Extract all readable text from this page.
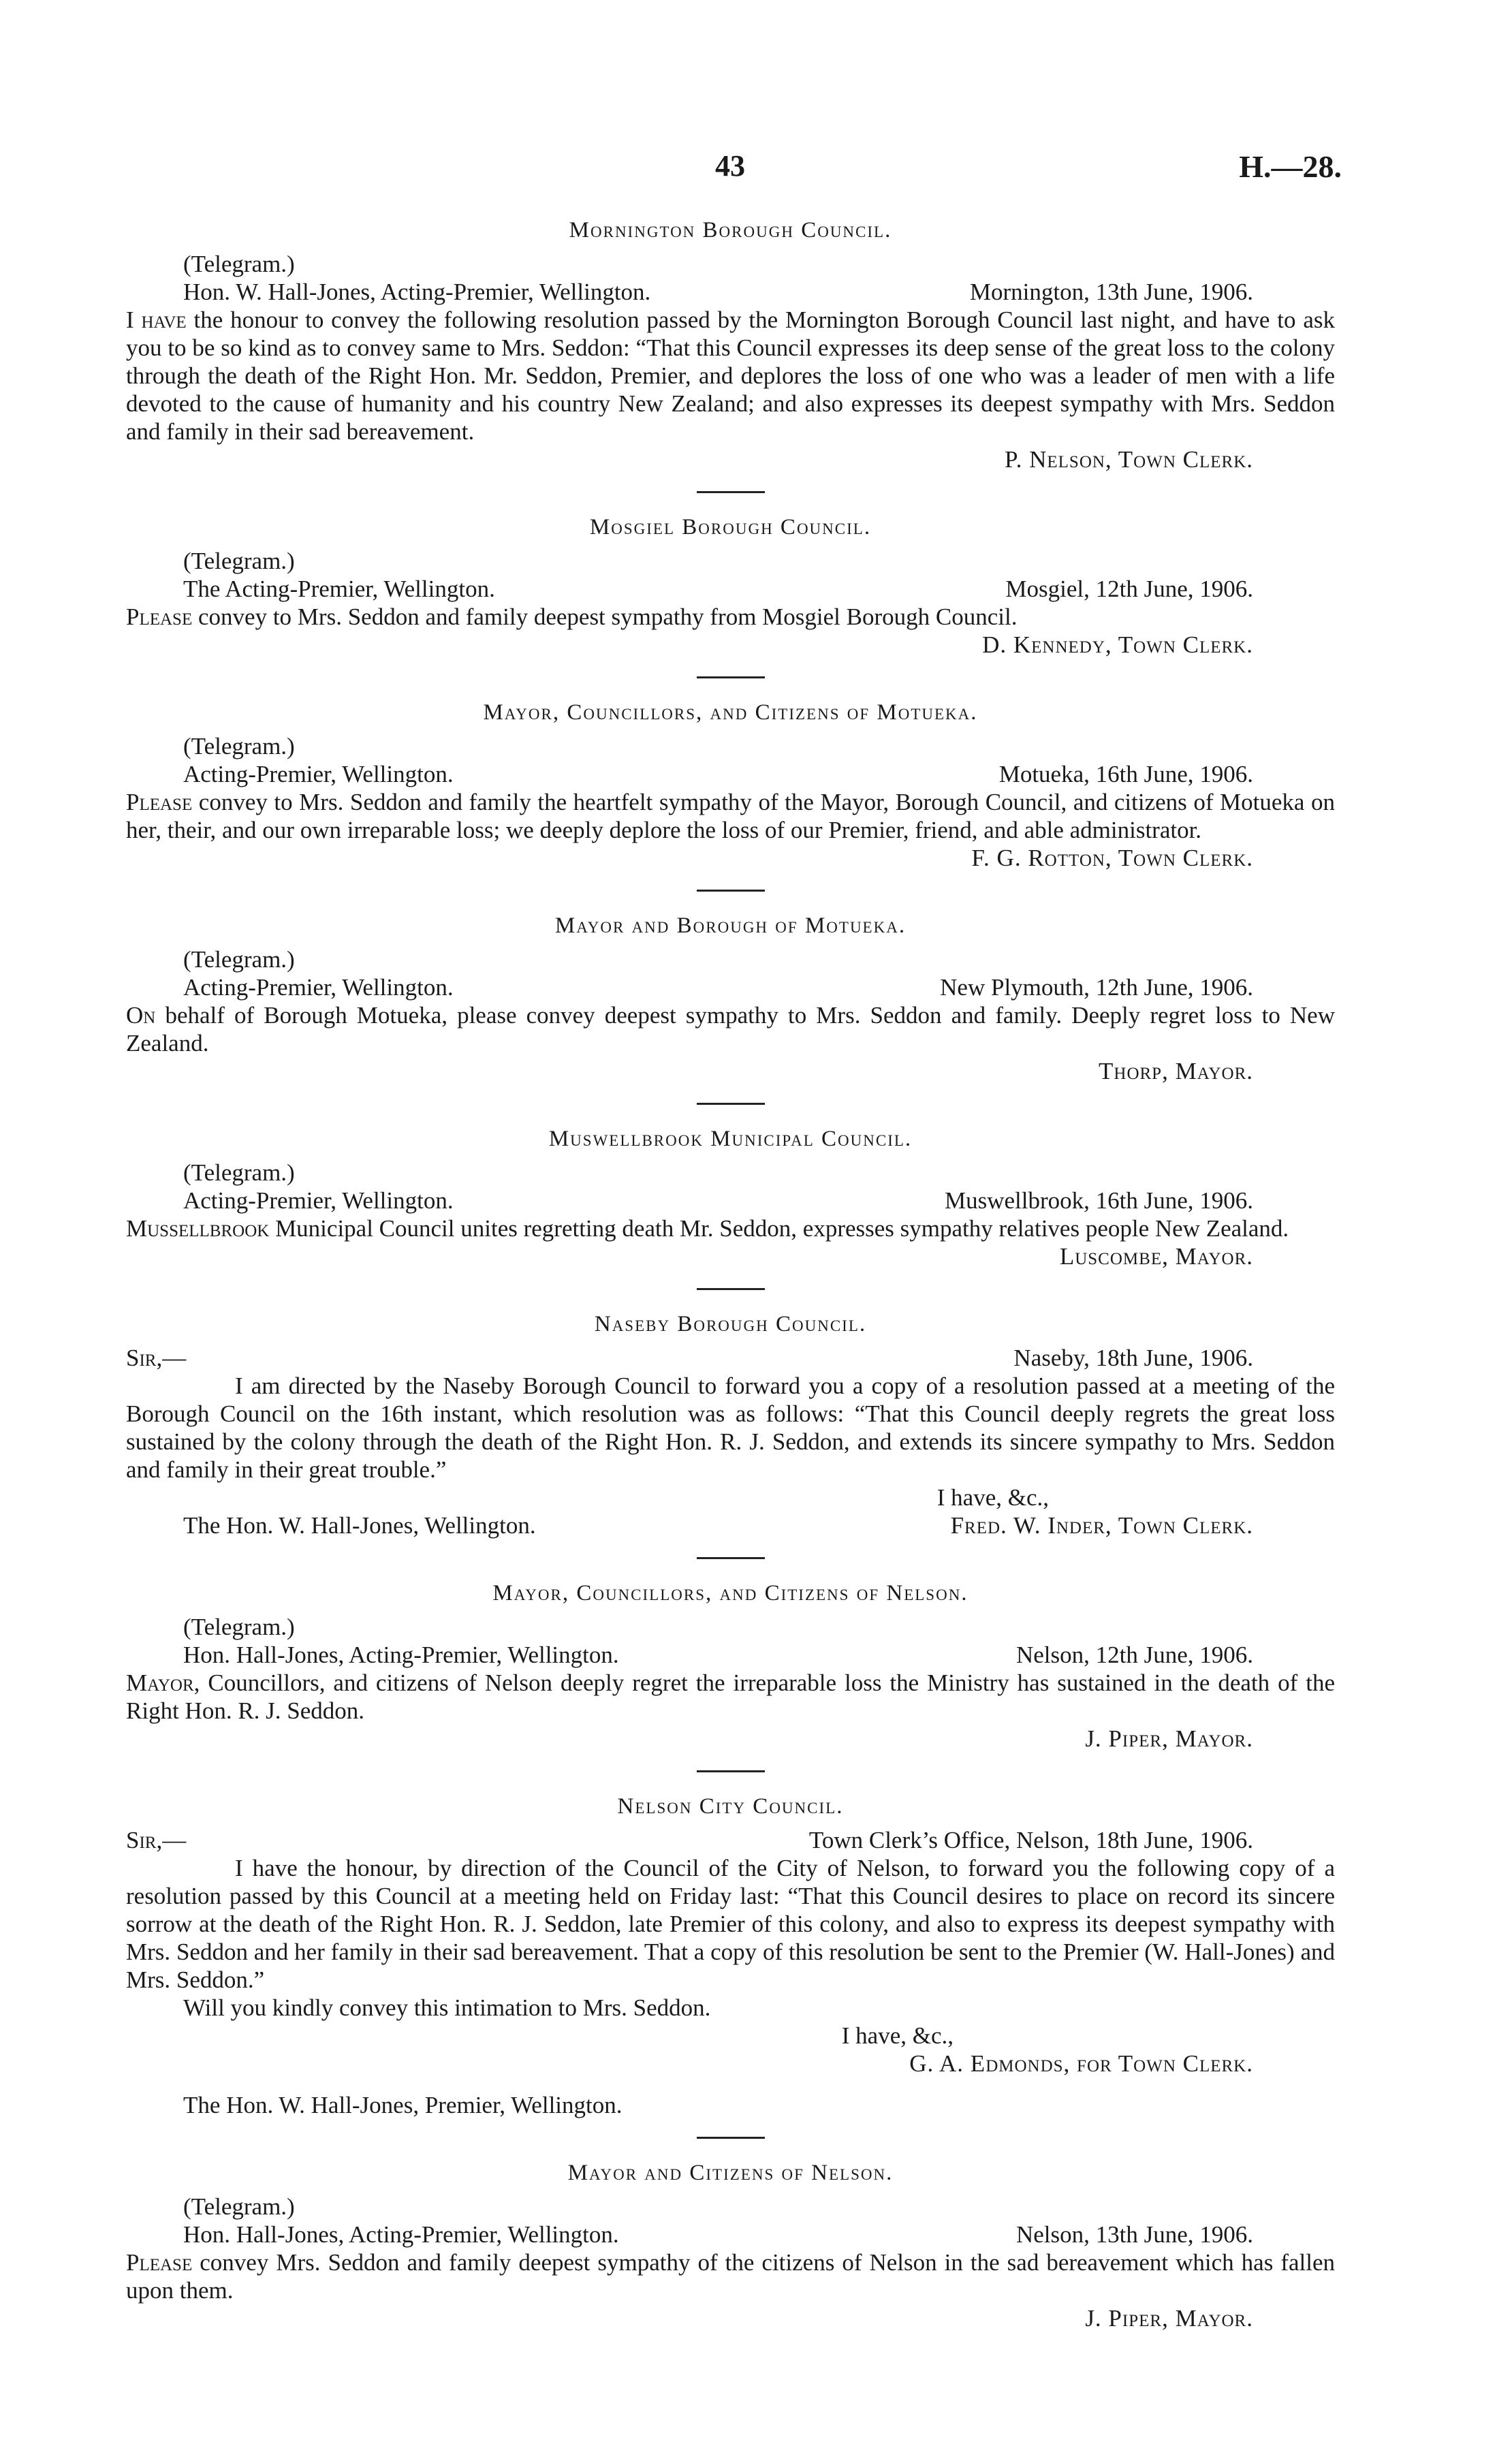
43	H.—28.
Mornington Borough Council.
(Telegram.)
Hon. W. Hall-Jones, Acting-Premier, Wellington.	Mornington, 13th June, 1906.
I have the honour to convey the following resolution passed by the Mornington Borough Council last night, and have to ask you to be so kind as to convey same to Mrs. Seddon: “That this Council expresses its deep sense of the great loss to the colony through the death of the Right Hon. Mr. Seddon, Premier, and deplores the loss of one who was a leader of men with a life devoted to the cause of humanity and his country New Zealand; and also expresses its deepest sympathy with Mrs. Seddon and family in their sad bereavement.
P. Nelson, Town Clerk.
Mosgiel Borough Council.
(Telegram.)
The Acting-Premier, Wellington.	Mosgiel, 12th June, 1906.
Please convey to Mrs. Seddon and family deepest sympathy from Mosgiel Borough Council.
D. Kennedy, Town Clerk.
Mayor, Councillors, and Citizens of Motueka.
(Telegram.)
Acting-Premier, Wellington.	Motueka, 16th June, 1906.
Please convey to Mrs. Seddon and family the heartfelt sympathy of the Mayor, Borough Council, and citizens of Motueka on her, their, and our own irreparable loss; we deeply deplore the loss of our Premier, friend, and able administrator.
F. G. Rotton, Town Clerk.
Mayor and Borough of Motueka.
(Telegram.)
Acting-Premier, Wellington.	New Plymouth, 12th June, 1906.
On behalf of Borough Motueka, please convey deepest sympathy to Mrs. Seddon and family. Deeply regret loss to New Zealand.
Thorp, Mayor.
Muswellbrook Municipal Council.
(Telegram.)
Acting-Premier, Wellington.	Muswellbrook, 16th June, 1906.
Mussellbrook Municipal Council unites regretting death Mr. Seddon, expresses sympathy relatives people New Zealand.
Luscombe, Mayor.
Naseby Borough Council.
Sir,—	Naseby, 18th June, 1906.
I am directed by the Naseby Borough Council to forward you a copy of a resolution passed at a meeting of the Borough Council on the 16th instant, which resolution was as follows: “That this Council deeply regrets the great loss sustained by the colony through the death of the Right Hon. R. J. Seddon, and extends its sincere sympathy to Mrs. Seddon and family in their great trouble.”
I have, &c.,
The Hon. W. Hall-Jones, Wellington.	Fred. W. Inder, Town Clerk.
Mayor, Councillors, and Citizens of Nelson.
(Telegram.)
Hon. Hall-Jones, Acting-Premier, Wellington.	Nelson, 12th June, 1906.
Mayor, Councillors, and citizens of Nelson deeply regret the irreparable loss the Ministry has sustained in the death of the Right Hon. R. J. Seddon.
J. Piper, Mayor.
Nelson City Council.
Sir,—	Town Clerk’s Office, Nelson, 18th June, 1906.
I have the honour, by direction of the Council of the City of Nelson, to forward you the following copy of a resolution passed by this Council at a meeting held on Friday last: “That this Council desires to place on record its sincere sorrow at the death of the Right Hon. R. J. Seddon, late Premier of this colony, and also to express its deepest sympathy with Mrs. Seddon and her family in their sad bereavement. That a copy of this resolution be sent to the Premier (W. Hall-Jones) and Mrs. Seddon.”
Will you kindly convey this intimation to Mrs. Seddon.
I have, &c.,
G. A. Edmonds, for Town Clerk.
The Hon. W. Hall-Jones, Premier, Wellington.
Mayor and Citizens of Nelson.
(Telegram.)
Hon. Hall-Jones, Acting-Premier, Wellington.	Nelson, 13th June, 1906.
Please convey Mrs. Seddon and family deepest sympathy of the citizens of Nelson in the sad bereavement which has fallen upon them.
J. Piper, Mayor.
